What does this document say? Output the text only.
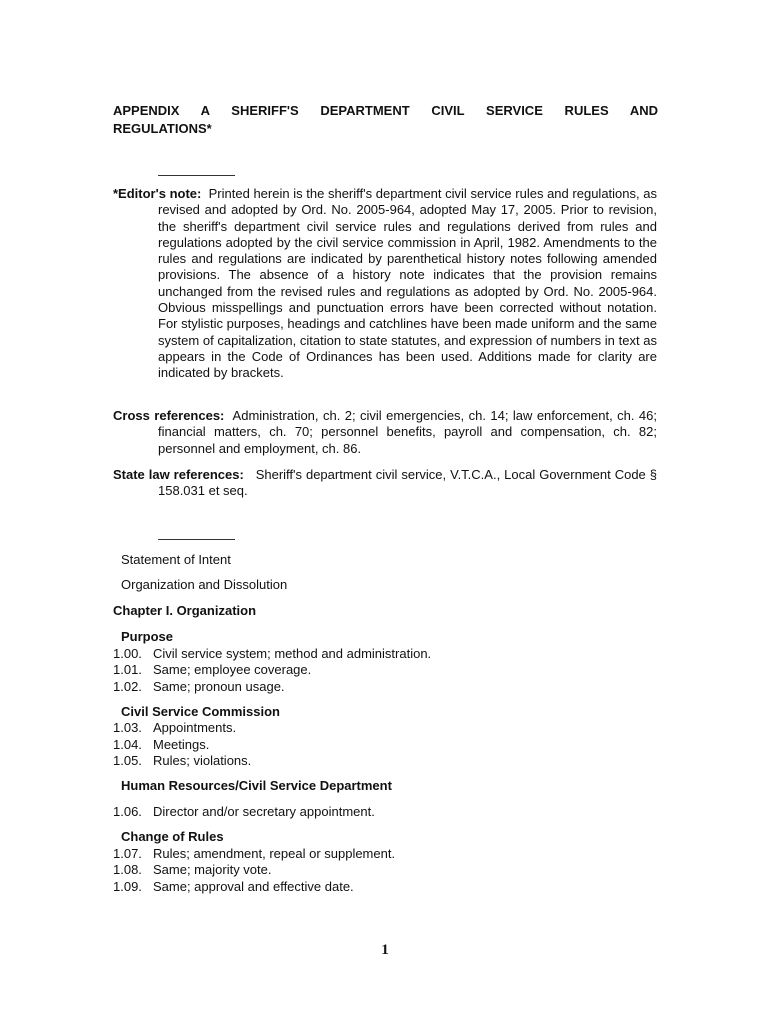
APPENDIX A SHERIFF'S DEPARTMENT CIVIL SERVICE RULES AND
REGULATIONS*
*Editor's note: Printed herein is the sheriff's department civil service rules and regulations, as revised and adopted by Ord. No. 2005-964, adopted May 17, 2005. Prior to revision, the sheriff's department civil service rules and regulations derived from rules and regulations adopted by the civil service commission in April, 1982. Amendments to the rules and regulations are indicated by parenthetical history notes following amended provisions. The absence of a history note indicates that the provision remains unchanged from the revised rules and regulations as adopted by Ord. No. 2005-964. Obvious misspellings and punctuation errors have been corrected without notation. For stylistic purposes, headings and catchlines have been made uniform and the same system of capitalization, citation to state statutes, and expression of numbers in text as appears in the Code of Ordinances has been used. Additions made for clarity are indicated by brackets.
Cross references: Administration, ch. 2; civil emergencies, ch. 14; law enforcement, ch. 46; financial matters, ch. 70; personnel benefits, payroll and compensation, ch. 82; personnel and employment, ch. 86.
State law references: Sheriff's department civil service, V.T.C.A., Local Government Code § 158.031 et seq.
Statement of Intent
Organization and Dissolution
Chapter I. Organization
Purpose
1.00. Civil service system; method and administration.
1.01. Same; employee coverage.
1.02. Same; pronoun usage.
Civil Service Commission
1.03. Appointments.
1.04. Meetings.
1.05. Rules; violations.
Human Resources/Civil Service Department
1.06. Director and/or secretary appointment.
Change of Rules
1.07. Rules; amendment, repeal or supplement.
1.08. Same; majority vote.
1.09. Same; approval and effective date.
1
